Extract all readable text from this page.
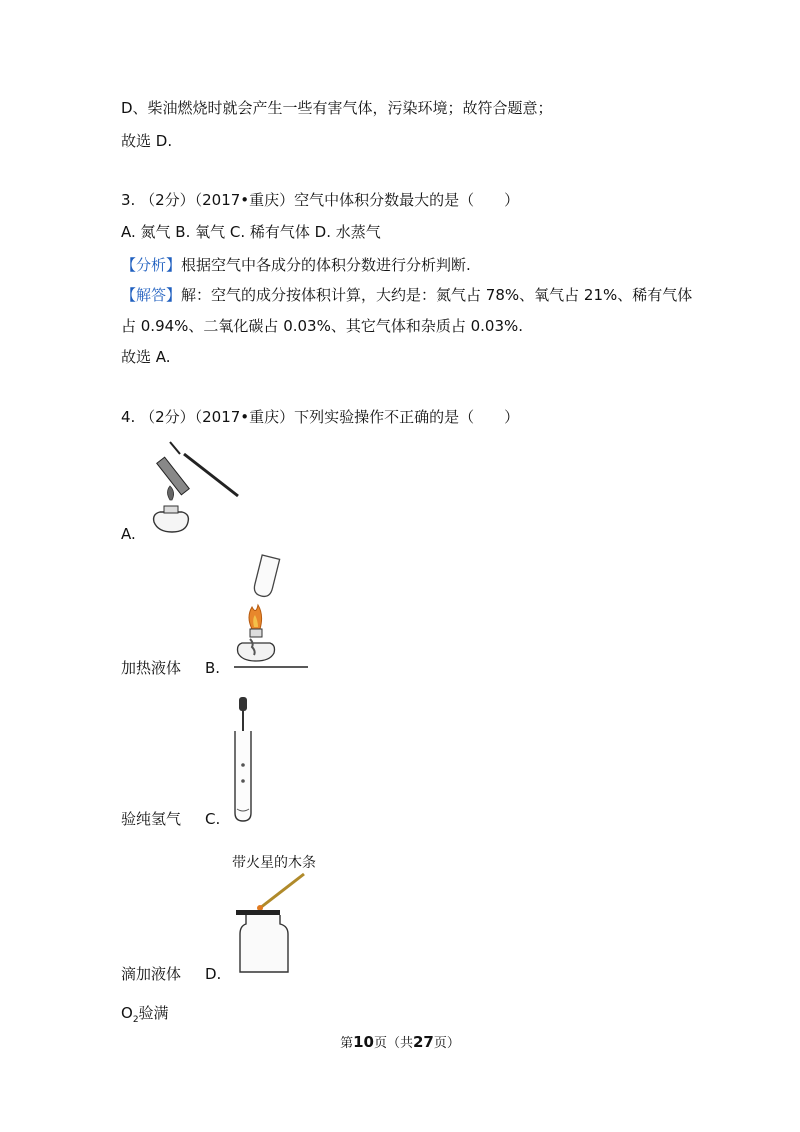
D、柴油燃烧时就会产生一些有害气体，污染环境；故符合题意；
故选 D.
3. （2分）（2017•重庆）空气中体积分数最大的是（　　）
A. 氮气 B. 氧气 C. 稀有气体 D. 水蒸气
【分析】根据空气中各成分的体积分数进行分析判断.
【解答】解：空气的成分按体积计算，大约是：氮气占 78%、氧气占 21%、稀有气体
占 0.94%、二氧化碳占 0.03%、其它气体和杂质占 0.03%.
故选 A.
4. （2分）（2017•重庆）下列实验操作不正确的是（　　）
A.
加热液体 B.
验纯氢气 C.
滴加液体 D.
带火星的木条
$O_2$验满
第10页（共27页）
